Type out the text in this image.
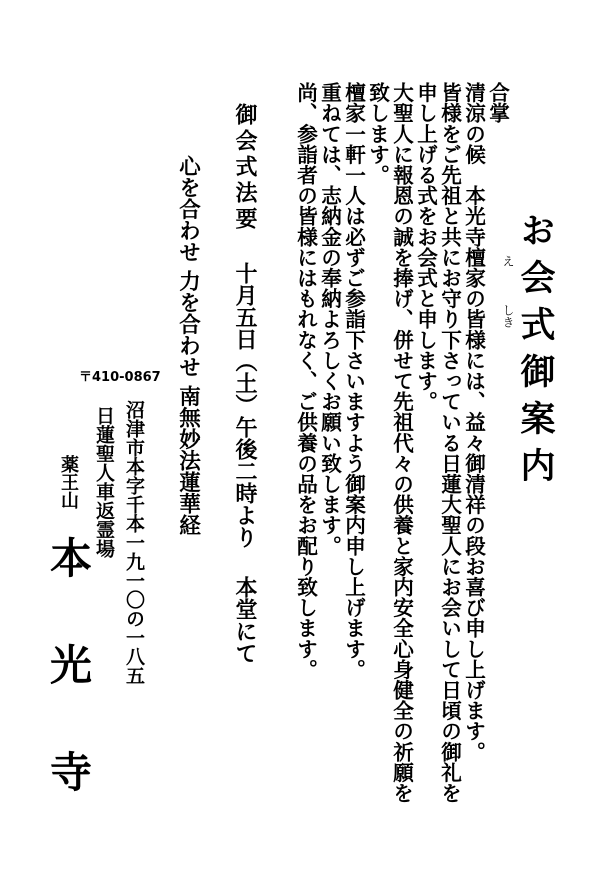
お会式御案内
え
しき

合掌

清涼の候　本光寺檀家の皆様には、益々御清祥の段お喜び申し上げます。

皆様をご先祖と共にお守り下さっている日蓮大聖人にお会いして日頃の御礼を

申し上げる式をお会式と申します。

大聖人に報恩の誠を捧げ、併せて先祖代々の供養と家内安全心身健全の祈願を

致します。

檀家一軒一人は必ずご参詣下さいますよう御案内申し上げます。

重ねては、志納金の奉納よろしくお願い致します。

尚、参詣者の皆様にはもれなく、ご供養の品をお配り致します。

御会式法要
十月五日（土）午後二時より
本堂にて

心を合わせ 力を合わせ 南無妙法蓮華経

〒410-0867
沼津市本字千本一九一〇の一八五
日蓮聖人車返霊場
薬王山
本光寺
